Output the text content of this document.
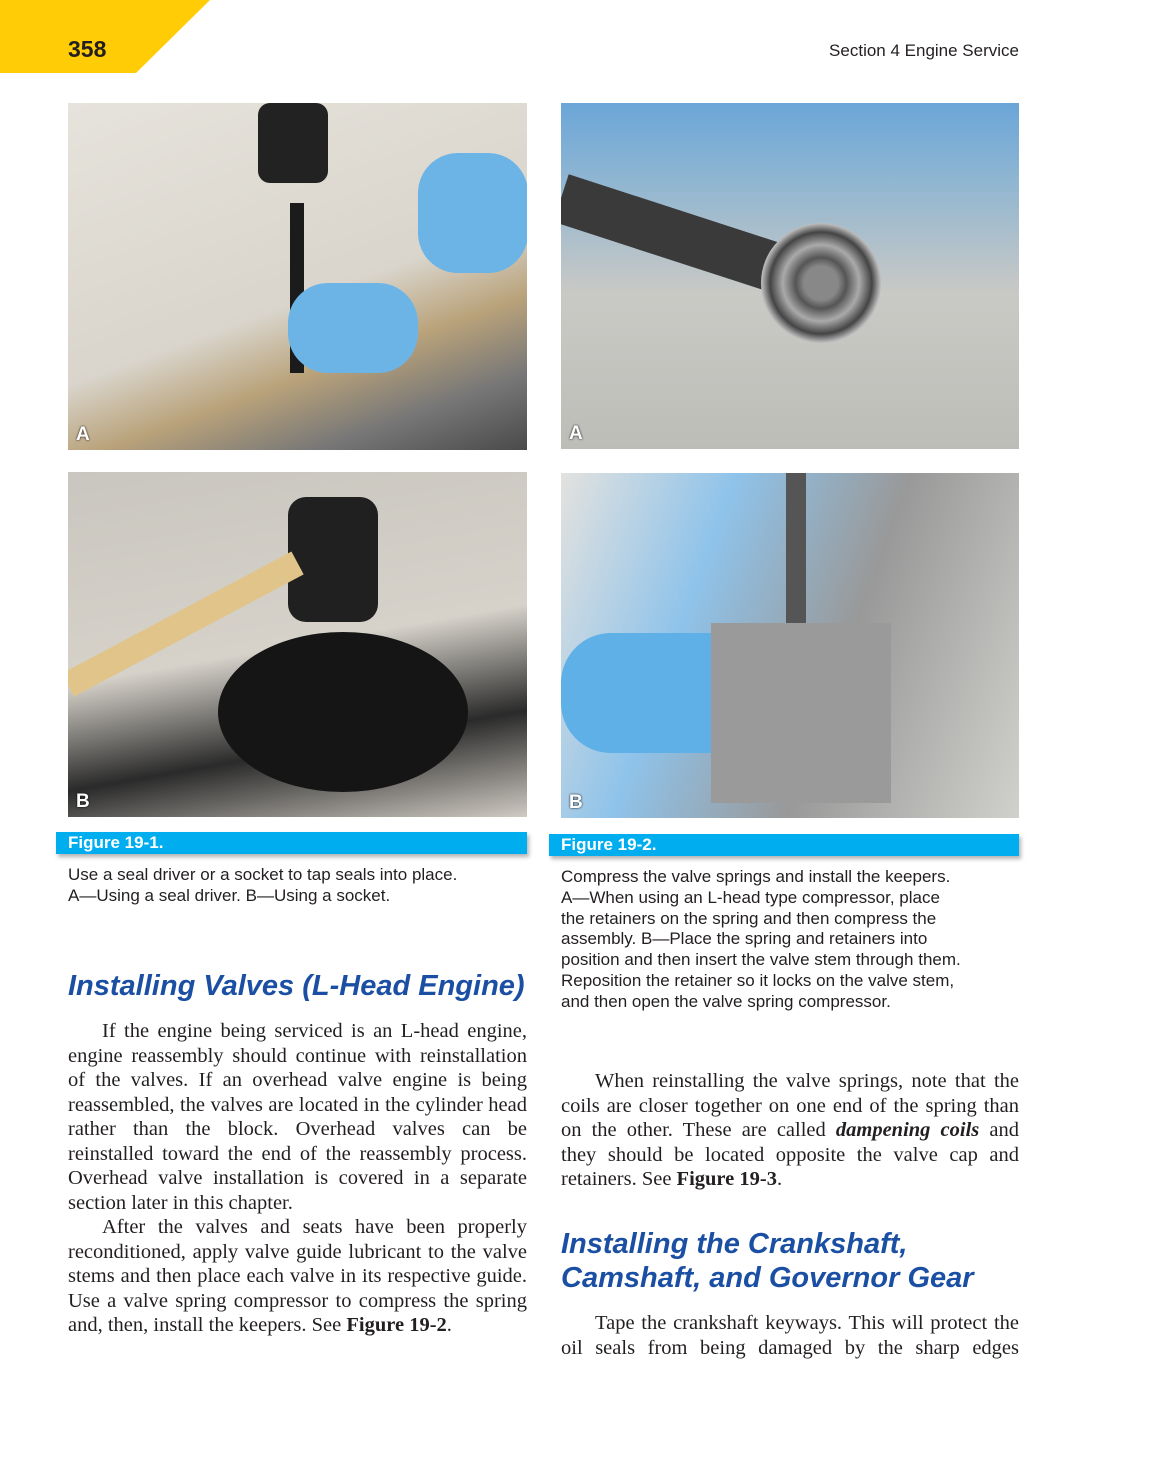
358	Section 4 Engine Service
A	A
B	B
Figure 19-1.
Use a seal driver or a socket to tap seals into place.
A—Using a seal driver. B—Using a socket.
Figure 19-2.
Compress the valve springs and install the keepers.
A—When using an L-head type compressor, place
the retainers on the spring and then compress the
assembly. B—Place the spring and retainers into
position and then insert the valve stem through them.
Reposition the retainer so it locks on the valve stem,
and then open the valve spring compressor.
Installing Valves (L-Head Engine)

If the engine being serviced is an L-head engine, engine reassembly should continue with reinstallation of the valves. If an overhead valve engine is being reassembled, the valves are located in the cylinder head rather than the block. Overhead valves can be reinstalled toward the end of the reassembly process. Overhead valve installation is covered in a separate section later in this chapter.

After the valves and seats have been properly reconditioned, apply valve guide lubricant to the valve stems and then place each valve in its respective guide. Use a valve spring compressor to compress the spring and, then, install the keepers. See Figure 19-2.

When reinstalling the valve springs, note that the coils are closer together on one end of the spring than on the other. These are called dampening coils and they should be located opposite the valve cap and retainers. See Figure 19-3.

Installing the Crankshaft,
Camshaft, and Governor Gear

Tape the crankshaft keyways. This will protect the oil seals from being damaged by the sharp edges
